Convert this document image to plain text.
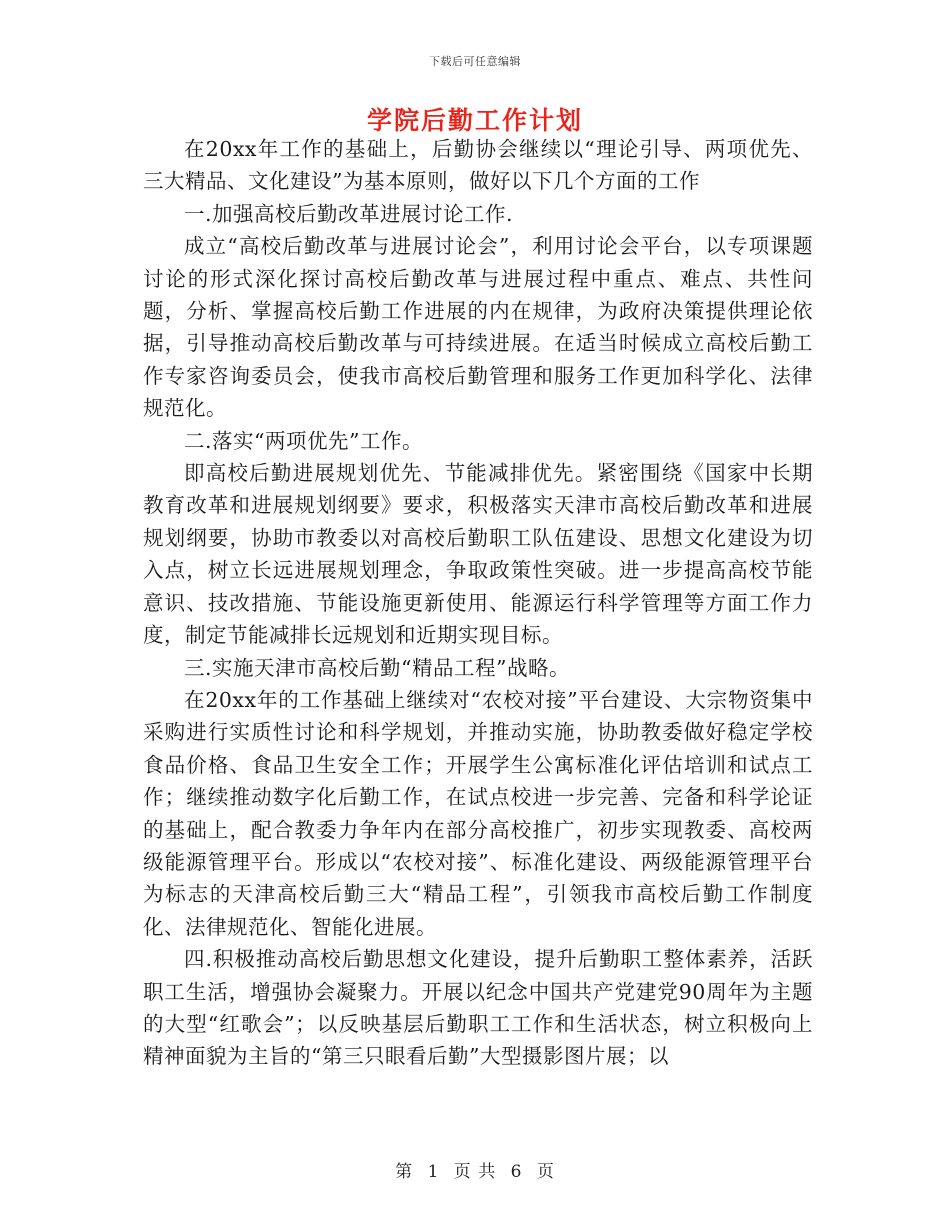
下载后可任意编辑
学院后勤工作计划

在20xx年工作的基础上，后勤协会继续以“理论引导、两项优先、三大精品、文化建设”为基本原则，做好以下几个方面的工作

一.加强高校后勤改革进展讨论工作.

成立“高校后勤改革与进展讨论会”，利用讨论会平台，以专项课题讨论的形式深化探讨高校后勤改革与进展过程中重点、难点、共性问题，分析、掌握高校后勤工作进展的内在规律，为政府决策提供理论依据，引导推动高校后勤改革与可持续进展。在适当时候成立高校后勤工作专家咨询委员会，使我市高校后勤管理和服务工作更加科学化、法律规范化。

二.落实“两项优先”工作。

即高校后勤进展规划优先、节能减排优先。紧密围绕《国家中长期教育改革和进展规划纲要》要求，积极落实天津市高校后勤改革和进展规划纲要，协助市教委以对高校后勤职工队伍建设、思想文化建设为切入点，树立长远进展规划理念，争取政策性突破。进一步提高高校节能意识、技改措施、节能设施更新使用、能源运行科学管理等方面工作力度，制定节能减排长远规划和近期实现目标。

三.实施天津市高校后勤“精品工程”战略。

在20xx年的工作基础上继续对“农校对接”平台建设、大宗物资集中采购进行实质性讨论和科学规划，并推动实施，协助教委做好稳定学校食品价格、食品卫生安全工作；开展学生公寓标准化评估培训和试点工作；继续推动数字化后勤工作，在试点校进一步完善、完备和科学论证的基础上，配合教委力争年内在部分高校推广，初步实现教委、高校两级能源管理平台。形成以“农校对接”、标准化建设、两级能源管理平台为标志的天津高校后勤三大“精品工程”，引领我市高校后勤工作制度化、法律规范化、智能化进展。

四.积极推动高校后勤思想文化建设，提升后勤职工整体素养，活跃职工生活，增强协会凝聚力。开展以纪念中国共产党建党90周年为主题的大型“红歌会”；以反映基层后勤职工工作和生活状态，树立积极向上精神面貌为主旨的“第三只眼看后勤”大型摄影图片展；以

第 1 页 共 6 页
